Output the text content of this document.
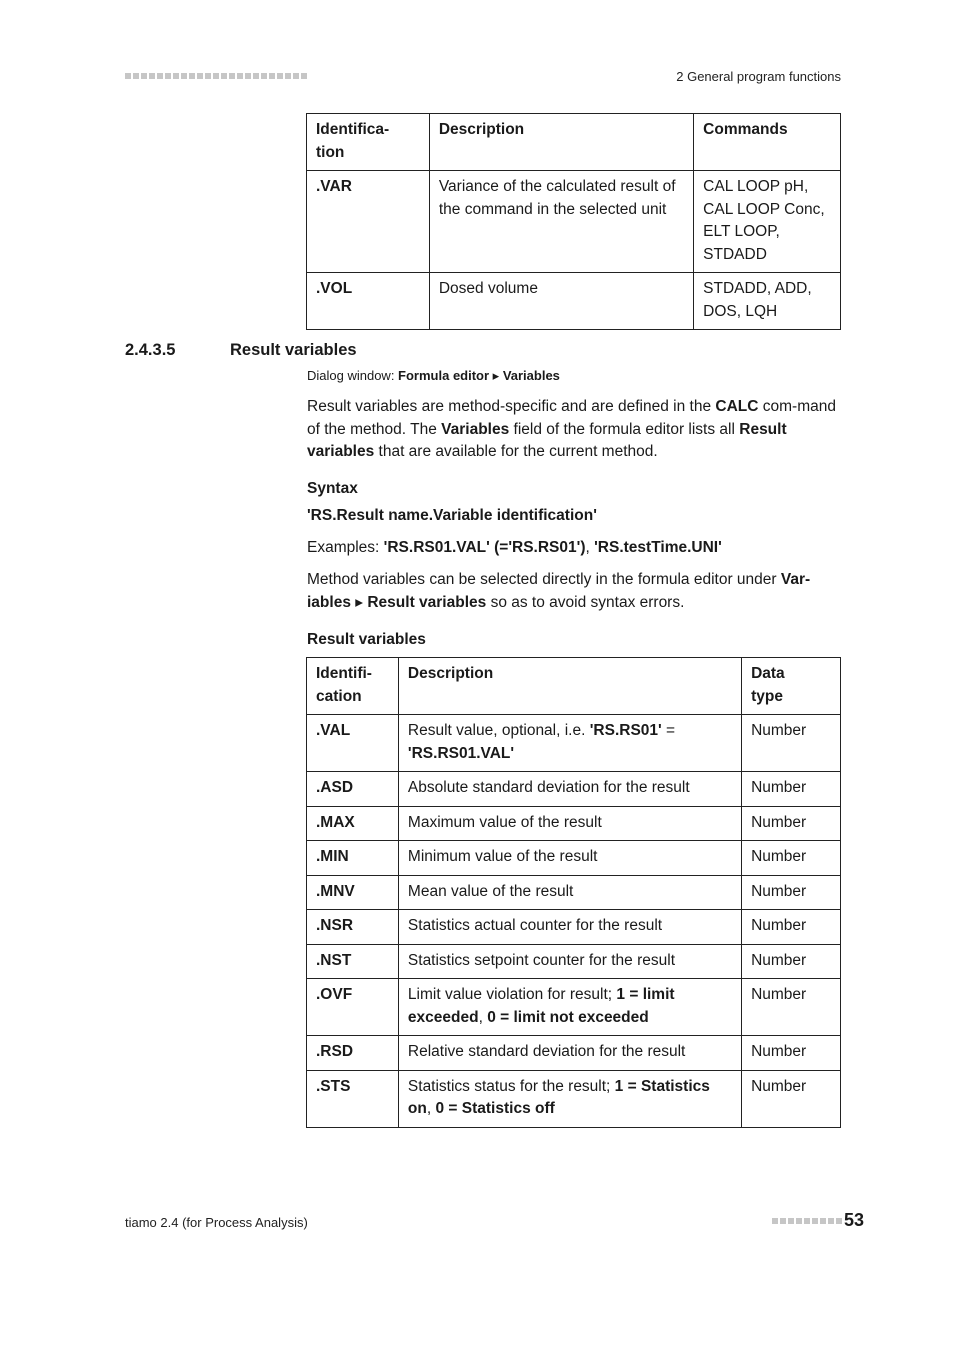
2 General program functions
Identifica-
tion	Description	Commands
.VAR	Variance of the calculated result of the command in the selected unit	CAL LOOP pH, CAL LOOP Conc, ELT LOOP, STDADD
.VOL	Dosed volume	STDADD, ADD, DOS, LQH
2.4.3.5	Result variables
Dialog window: Formula editor ▸ Variables
Result variables are method-specific and are defined in the CALC com-mand of the method. The Variables field of the formula editor lists all Result variables that are available for the current method.
Syntax
'RS.Result name.Variable identification'
Examples: 'RS.RS01.VAL' (='RS.RS01'), 'RS.testTime.UNI'
Method variables can be selected directly in the formula editor under Var-iables ▸ Result variables so as to avoid syntax errors.
Result variables
Identifi-
cation	Description	Data
type
.VAL	Result value, optional, i.e. 'RS.RS01' = 'RS.RS01.VAL'	Number
.ASD	Absolute standard deviation for the result	Number
.MAX	Maximum value of the result	Number
.MIN	Minimum value of the result	Number
.MNV	Mean value of the result	Number
.NSR	Statistics actual counter for the result	Number
.NST	Statistics setpoint counter for the result	Number
.OVF	Limit value violation for result; 1 = limit exceeded, 0 = limit not exceeded	Number
.RSD	Relative standard deviation for the result	Number
.STS	Statistics status for the result; 1 = Statistics on, 0 = Statistics off	Number
tiamo 2.4 (for Process Analysis)	53
